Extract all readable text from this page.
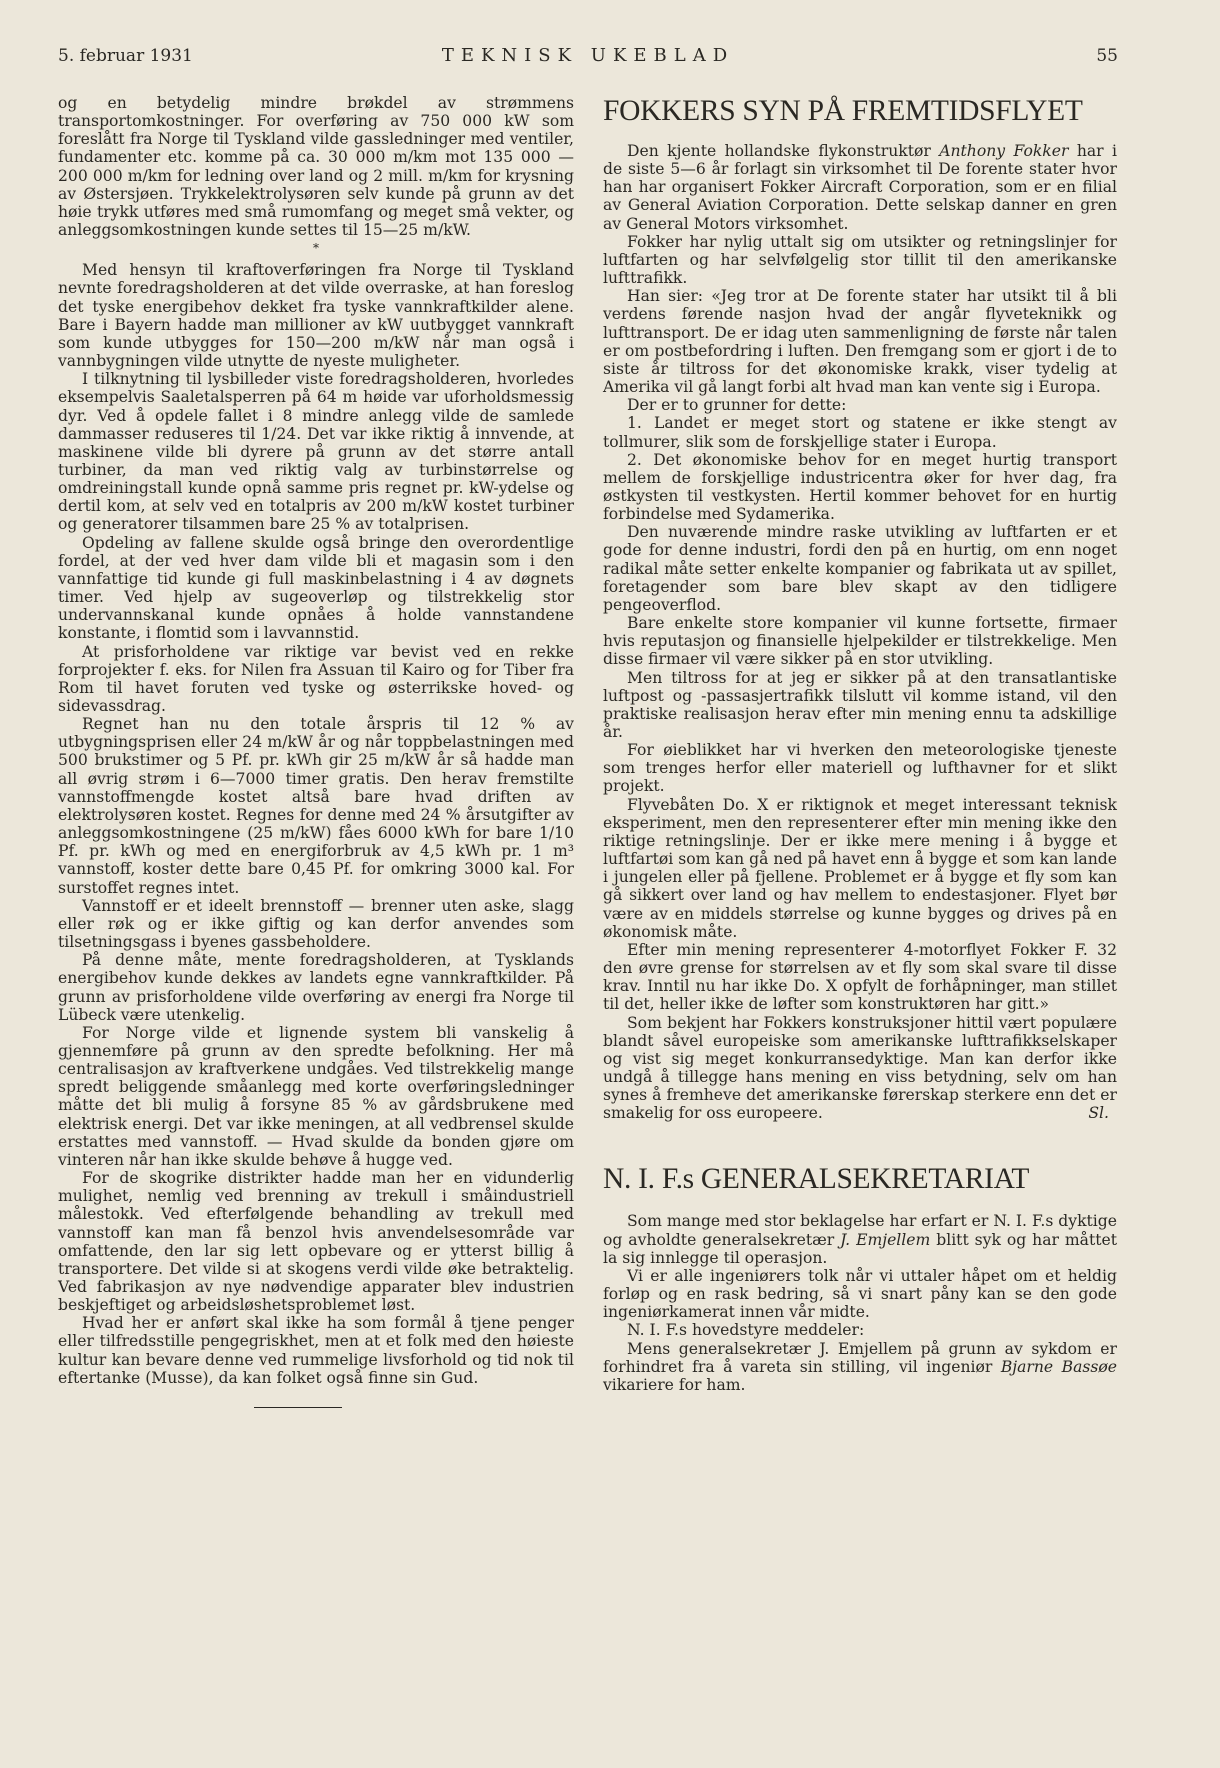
5. februar 1931	TEKNISK UKEBLAD	55

og en betydelig mindre brøkdel av strømmens transportomkostninger. For overføring av 750 000 kW som foreslått fra Norge til Tyskland vilde gassledninger med ventiler, fundamenter etc. komme på ca. 30 000 m/km mot 135 000 — 200 000 m/km for ledning over land og 2 mill. m/km for krysning av Østersjøen. Trykkelektrolysøren selv kunde på grunn av det høie trykk utføres med små rumomfang og meget små vekter, og anleggsomkostningen kunde settes til 15—25 m/kW.

*

Med hensyn til kraftoverføringen fra Norge til Tyskland nevnte foredragsholderen at det vilde overraske, at han foreslog det tyske energibehov dekket fra tyske vannkraftkilder alene. Bare i Bayern hadde man millioner av kW uutbygget vannkraft som kunde utbygges for 150—200 m/kW når man også i vannbygningen vilde utnytte de nyeste muligheter.

I tilknytning til lysbilleder viste foredragsholderen, hvorledes eksempelvis Saaletalsperren på 64 m høide var uforholdsmessig dyr. Ved å opdele fallet i 8 mindre anlegg vilde de samlede dammasser reduseres til 1/24. Det var ikke riktig å innvende, at maskinene vilde bli dyrere på grunn av det større antall turbiner, da man ved riktig valg av turbinstørrelse og omdreiningstall kunde opnå samme pris regnet pr. kW-ydelse og dertil kom, at selv ved en totalpris av 200 m/kW kostet turbiner og generatorer tilsammen bare 25 % av totalprisen.

Opdeling av fallene skulde også bringe den overordentlige fordel, at der ved hver dam vilde bli et magasin som i den vannfattige tid kunde gi full maskinbelastning i 4 av døgnets timer. Ved hjelp av sugeoverløp og tilstrekkelig stor undervannskanal kunde opnåes å holde vannstandene konstante, i flomtid som i lavvannstid.

At prisforholdene var riktige var bevist ved en rekke forprojekter f. eks. for Nilen fra Assuan til Kairo og for Tiber fra Rom til havet foruten ved tyske og østerrikske hoved- og sidevassdrag.

Regnet han nu den totale årspris til 12 % av utbygningsprisen eller 24 m/kW år og når toppbelastningen med 500 brukstimer og 5 Pf. pr. kWh gir 25 m/kW år så hadde man all øvrig strøm i 6—7000 timer gratis. Den herav fremstilte vannstoffmengde kostet altså bare hvad driften av elektrolysøren kostet. Regnes for denne med 24 % årsutgifter av anleggsomkostningene (25 m/kW) fåes 6000 kWh for bare 1/10 Pf. pr. kWh og med en energiforbruk av 4,5 kWh pr. 1 m³ vannstoff, koster dette bare 0,45 Pf. for omkring 3000 kal. For surstoffet regnes intet.

Vannstoff er et ideelt brennstoff — brenner uten aske, slagg eller røk og er ikke giftig og kan derfor anvendes som tilsetningsgass i byenes gassbeholdere.

På denne måte, mente foredragsholderen, at Tysklands energibehov kunde dekkes av landets egne vannkraftkilder. På grunn av prisforholdene vilde overføring av energi fra Norge til Lübeck være utenkelig.

For Norge vilde et lignende system bli vanskelig å gjennemføre på grunn av den spredte befolkning. Her må centralisasjon av kraftverkene undgåes. Ved tilstrekkelig mange spredt beliggende småanlegg med korte overføringsledninger måtte det bli mulig å forsyne 85 % av gårdsbrukene med elektrisk energi. Det var ikke meningen, at all vedbrensel skulde erstattes med vannstoff. — Hvad skulde da bonden gjøre om vinteren når han ikke skulde behøve å hugge ved.

For de skogrike distrikter hadde man her en vidunderlig mulighet, nemlig ved brenning av trekull i småindustriell målestokk. Ved efterfølgende behandling av trekull med vannstoff kan man få benzol hvis anvendelsesområde var omfattende, den lar sig lett opbevare og er ytterst billig å transportere. Det vilde si at skogens verdi vilde øke betraktelig. Ved fabrikasjon av nye nødvendige apparater blev industrien beskjeftiget og arbeidsløshetsproblemet løst.

Hvad her er anført skal ikke ha som formål å tjene penger eller tilfredsstille pengegriskhet, men at et folk med den høieste kultur kan bevare denne ved rummelige livsforhold og tid nok til eftertanke (Musse), da kan folket også finne sin Gud.

FOKKERS SYN PÅ FREMTIDSFLYET

Den kjente hollandske flykonstruktør Anthony Fokker har i de siste 5—6 år forlagt sin virksomhet til De forente stater hvor han har organisert Fokker Aircraft Corporation, som er en filial av General Aviation Corporation. Dette selskap danner en gren av General Motors virksomhet.

Fokker har nylig uttalt sig om utsikter og retningslinjer for luftfarten og har selvfølgelig stor tillit til den amerikanske lufttrafikk.

Han sier: «Jeg tror at De forente stater har utsikt til å bli verdens førende nasjon hvad der angår flyveteknikk og lufttransport. De er idag uten sammenligning de første når talen er om postbefordring i luften. Den fremgang som er gjort i de to siste år tiltross for det økonomiske krakk, viser tydelig at Amerika vil gå langt forbi alt hvad man kan vente sig i Europa.

Der er to grunner for dette:

1. Landet er meget stort og statene er ikke stengt av tollmurer, slik som de forskjellige stater i Europa.

2. Det økonomiske behov for en meget hurtig transport mellem de forskjellige industricentra øker for hver dag, fra østkysten til vestkysten. Hertil kommer behovet for en hurtig forbindelse med Sydamerika.

Den nuværende mindre raske utvikling av luftfarten er et gode for denne industri, fordi den på en hurtig, om enn noget radikal måte setter enkelte kompanier og fabrikata ut av spillet, foretagender som bare blev skapt av den tidligere pengeoverflod.

Bare enkelte store kompanier vil kunne fortsette, firmaer hvis reputasjon og finansielle hjelpekilder er tilstrekkelige. Men disse firmaer vil være sikker på en stor utvikling.

Men tiltross for at jeg er sikker på at den transatlantiske luftpost og -passasjertrafikk tilslutt vil komme istand, vil den praktiske realisasjon herav efter min mening ennu ta adskillige år.

For øieblikket har vi hverken den meteorologiske tjeneste som trenges herfor eller materiell og lufthavner for et slikt projekt.

Flyvebåten Do. X er riktignok et meget interessant teknisk eksperiment, men den representerer efter min mening ikke den riktige retningslinje. Der er ikke mere mening i å bygge et luftfartøi som kan gå ned på havet enn å bygge et som kan lande i jungelen eller på fjellene. Problemet er å bygge et fly som kan gå sikkert over land og hav mellem to endestasjoner. Flyet bør være av en middels størrelse og kunne bygges og drives på en økonomisk måte.

Efter min mening representerer 4-motorflyet Fokker F. 32 den øvre grense for størrelsen av et fly som skal svare til disse krav. Inntil nu har ikke Do. X opfylt de forhåpninger, man stillet til det, heller ikke de løfter som konstruktøren har gitt.»

Som bekjent har Fokkers konstruksjoner hittil vært populære blandt såvel europeiske som amerikanske lufttrafikkselskaper og vist sig meget konkurransedyktige. Man kan derfor ikke undgå å tillegge hans mening en viss betydning, selv om han synes å fremheve det amerikanske førerskap sterkere enn det er smakelig for oss europeere.	Sl.

N. I. F.s GENERALSEKRETARIAT

Som mange med stor beklagelse har erfart er N. I. F.s dyktige og avholdte generalsekretær J. Emjellem blitt syk og har måttet la sig innlegge til operasjon.

Vi er alle ingeniørers tolk når vi uttaler håpet om et heldig forløp og en rask bedring, så vi snart påny kan se den gode ingeniørkamerat innen vår midte.

N. I. F.s hovedstyre meddeler:

Mens generalsekretær J. Emjellem på grunn av sykdom er forhindret fra å vareta sin stilling, vil ingeniør Bjarne Bassøe vikariere for ham.
